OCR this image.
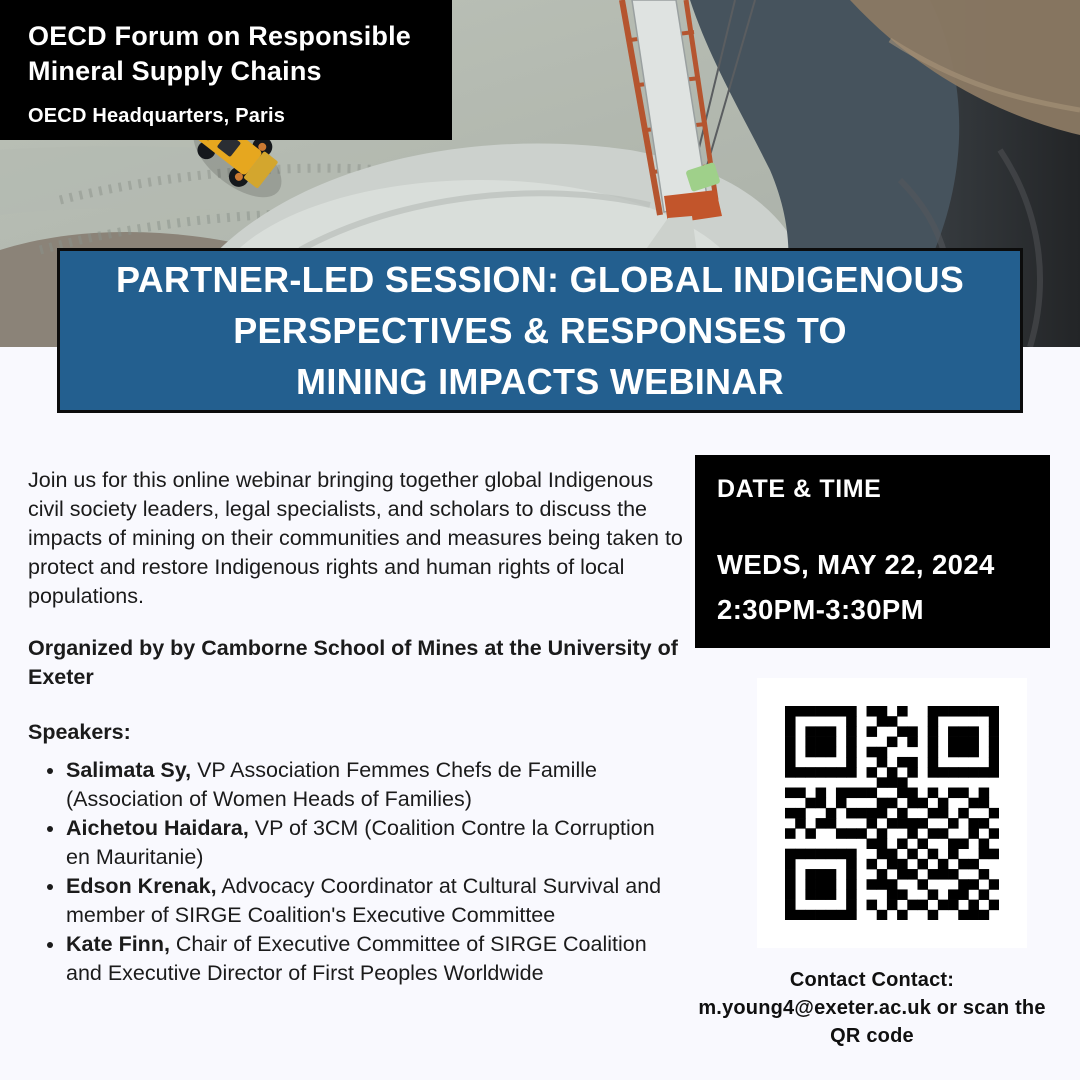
OECD Forum on Responsible
Mineral Supply Chains
OECD Headquarters, Paris
PARTNER-LED SESSION: GLOBAL INDIGENOUS
PERSPECTIVES & RESPONSES TO
MINING IMPACTS WEBINAR
Join us for this online webinar bringing together global Indigenous civil society leaders, legal specialists, and scholars to discuss the impacts of mining on their communities and measures being taken to protect and restore Indigenous rights and human rights of local populations.
Organized by by Camborne School of Mines at the University of Exeter
Speakers:
• Salimata Sy, VP Association Femmes Chefs de Famille (Association of Women Heads of Families)
• Aichetou Haidara, VP of 3CM (Coalition Contre la Corruption en Mauritanie)
• Edson Krenak, Advocacy Coordinator at Cultural Survival and member of SIRGE Coalition's Executive Committee
• Kate Finn, Chair of Executive Committee of SIRGE Coalition and Executive Director of First Peoples Worldwide
DATE & TIME
WEDS, MAY 22, 2024
2:30PM-3:30PM
Contact Contact:
m.young4@exeter.ac.uk or scan the
QR code
